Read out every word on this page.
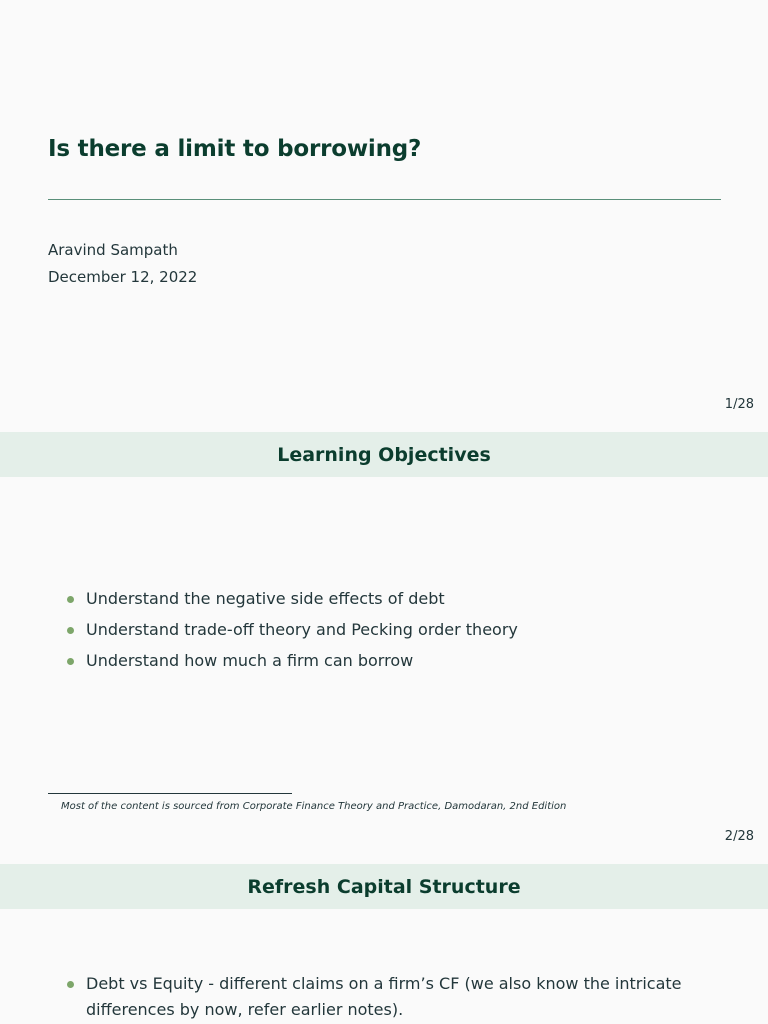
Is there a limit to borrowing?
Aravind Sampath
December 12, 2022
1/28
Learning Objectives
Understand the negative side effects of debt
Understand trade-off theory and Pecking order theory
Understand how much a firm can borrow
Most of the content is sourced from Corporate Finance Theory and Practice, Damodaran, 2nd Edition
2/28
Refresh Capital Structure
Debt vs Equity - different claims on a firm’s CF (we also know the intricate differences by now, refer earlier notes).
